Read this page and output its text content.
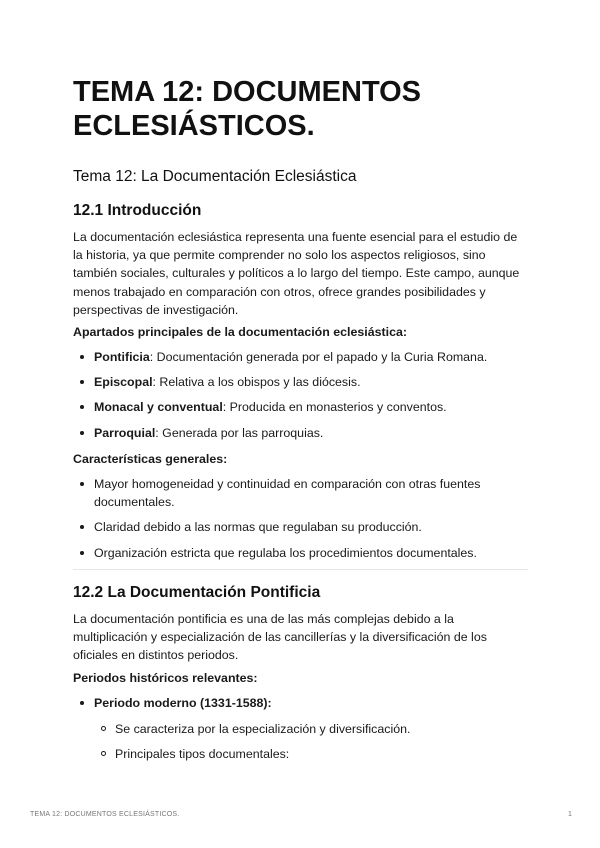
TEMA 12: DOCUMENTOS ECLESIÁSTICOS.
Tema 12: La Documentación Eclesiástica
12.1 Introducción

La documentación eclesiástica representa una fuente esencial para el estudio de la historia, ya que permite comprender no solo los aspectos religiosos, sino también sociales, culturales y políticos a lo largo del tiempo. Este campo, aunque menos trabajado en comparación con otros, ofrece grandes posibilidades y perspectivas de investigación.

Apartados principales de la documentación eclesiástica:

Pontificia: Documentación generada por el papado y la Curia Romana.
Episcopal: Relativa a los obispos y las diócesis.
Monacal y conventual: Producida en monasterios y conventos.
Parroquial: Generada por las parroquias.

Características generales:

Mayor homogeneidad y continuidad en comparación con otras fuentes documentales.
Claridad debido a las normas que regulaban su producción.
Organización estricta que regulaba los procedimientos documentales.
12.2 La Documentación Pontificia

La documentación pontificia es una de las más complejas debido a la multiplicación y especialización de las cancillerías y la diversificación de los oficiales en distintos periodos.

Periodos históricos relevantes:

Periodo moderno (1331-1588):
Se caracteriza por la especialización y diversificación.
Principales tipos documentales:
TEMA 12: DOCUMENTOS ECLESIÁSTICOS.	1
